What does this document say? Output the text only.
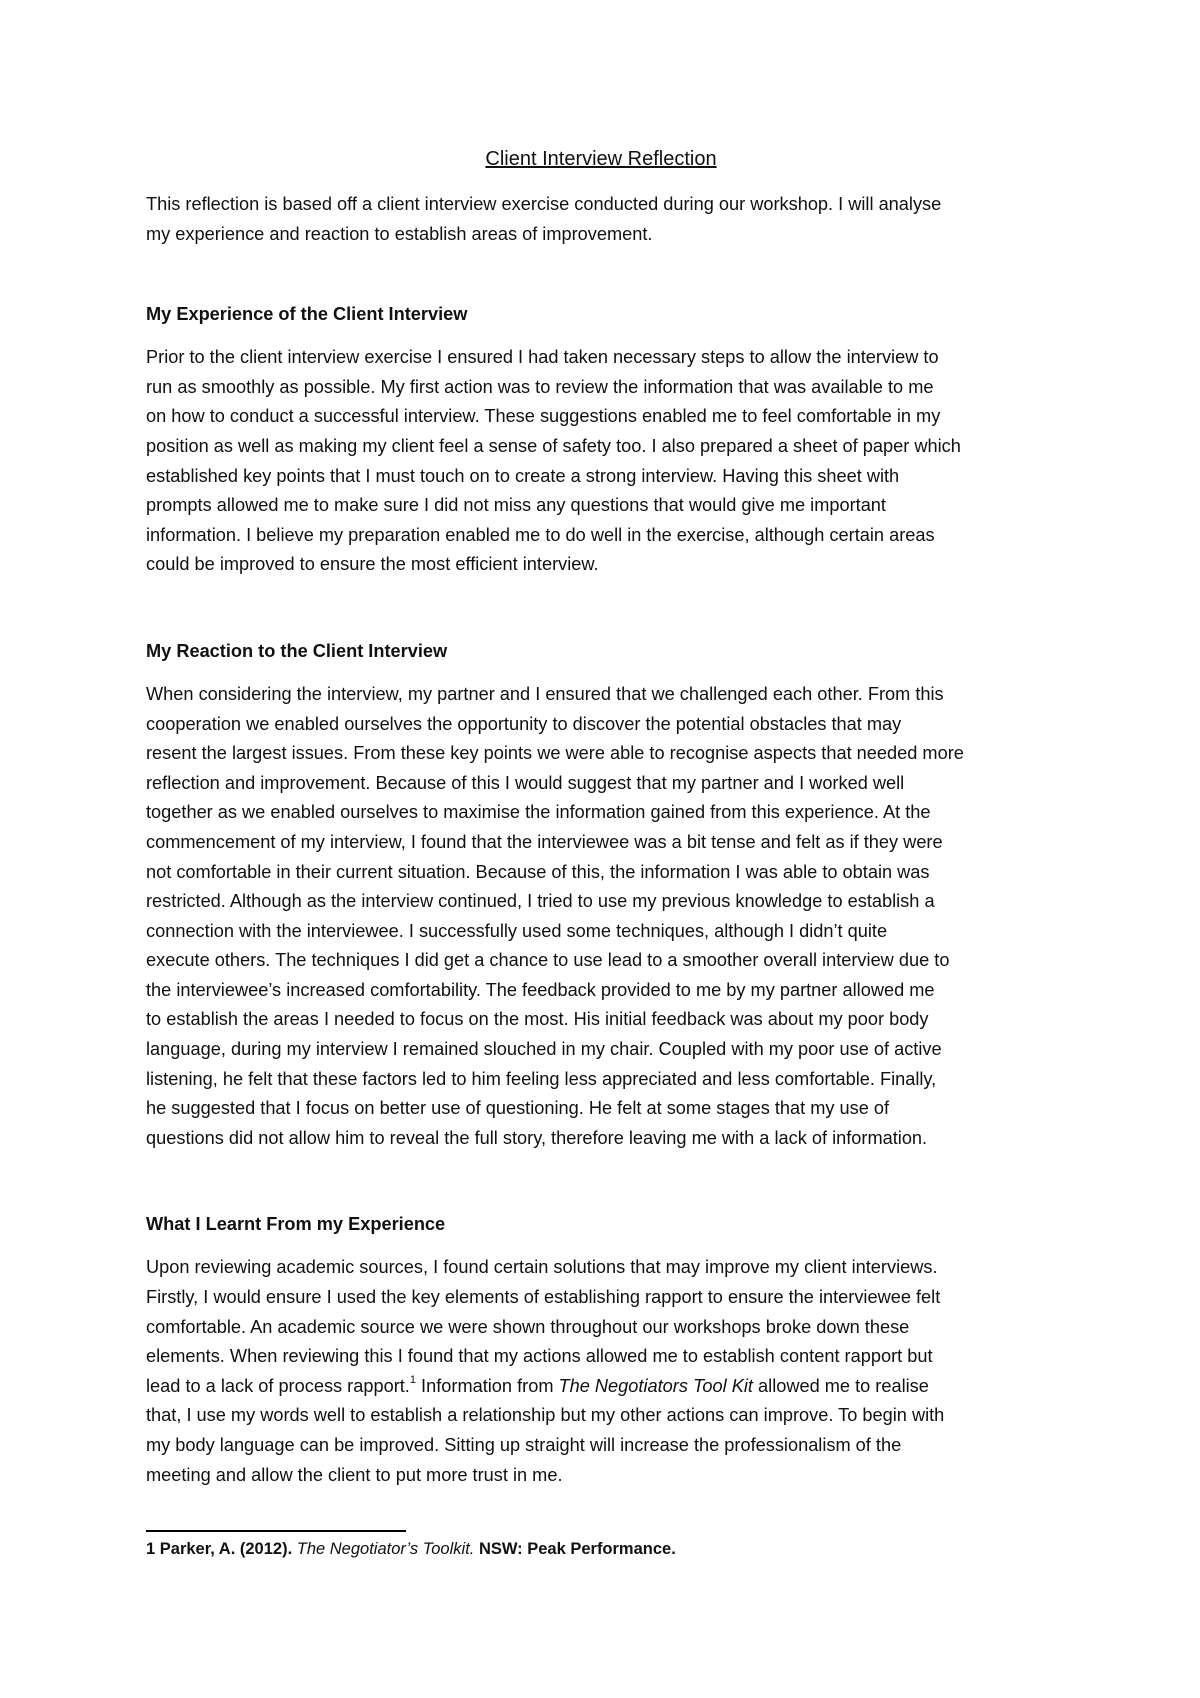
Client Interview Reflection
This reflection is based off a client interview exercise conducted during our workshop. I will analyse
my experience and reaction to establish areas of improvement.
My Experience of the Client Interview
Prior to the client interview exercise I ensured I had taken necessary steps to allow the interview to
run as smoothly as possible. My first action was to review the information that was available to me
on how to conduct a successful interview. These suggestions enabled me to feel comfortable in my
position as well as making my client feel a sense of safety too. I also prepared a sheet of paper which
established key points that I must touch on to create a strong interview. Having this sheet with
prompts allowed me to make sure I did not miss any questions that would give me important
information. I believe my preparation enabled me to do well in the exercise, although certain areas
could be improved to ensure the most efficient interview.
My Reaction to the Client Interview
When considering the interview, my partner and I ensured that we challenged each other. From this
cooperation we enabled ourselves the opportunity to discover the potential obstacles that may
resent the largest issues. From these key points we were able to recognise aspects that needed more
reflection and improvement. Because of this I would suggest that my partner and I worked well
together as we enabled ourselves to maximise the information gained from this experience. At the
commencement of my interview, I found that the interviewee was a bit tense and felt as if they were
not comfortable in their current situation. Because of this, the information I was able to obtain was
restricted. Although as the interview continued, I tried to use my previous knowledge to establish a
connection with the interviewee. I successfully used some techniques, although I didn’t quite
execute others. The techniques I did get a chance to use lead to a smoother overall interview due to
the interviewee’s increased comfortability. The feedback provided to me by my partner allowed me
to establish the areas I needed to focus on the most. His initial feedback was about my poor body
language, during my interview I remained slouched in my chair. Coupled with my poor use of active
listening, he felt that these factors led to him feeling less appreciated and less comfortable. Finally,
he suggested that I focus on better use of questioning. He felt at some stages that my use of
questions did not allow him to reveal the full story, therefore leaving me with a lack of information.
What I Learnt From my Experience
Upon reviewing academic sources, I found certain solutions that may improve my client interviews.
Firstly, I would ensure I used the key elements of establishing rapport to ensure the interviewee felt
comfortable. An academic source we were shown throughout our workshops broke down these
elements. When reviewing this I found that my actions allowed me to establish content rapport but
lead to a lack of process rapport.$^1$ Information from The Negotiators Tool Kit allowed me to realise
that, I use my words well to establish a relationship but my other actions can improve. To begin with
my body language can be improved. Sitting up straight will increase the professionalism of the
meeting and allow the client to put more trust in me.
1 Parker, A. (2012). The Negotiator’s Toolkit. NSW: Peak Performance.
